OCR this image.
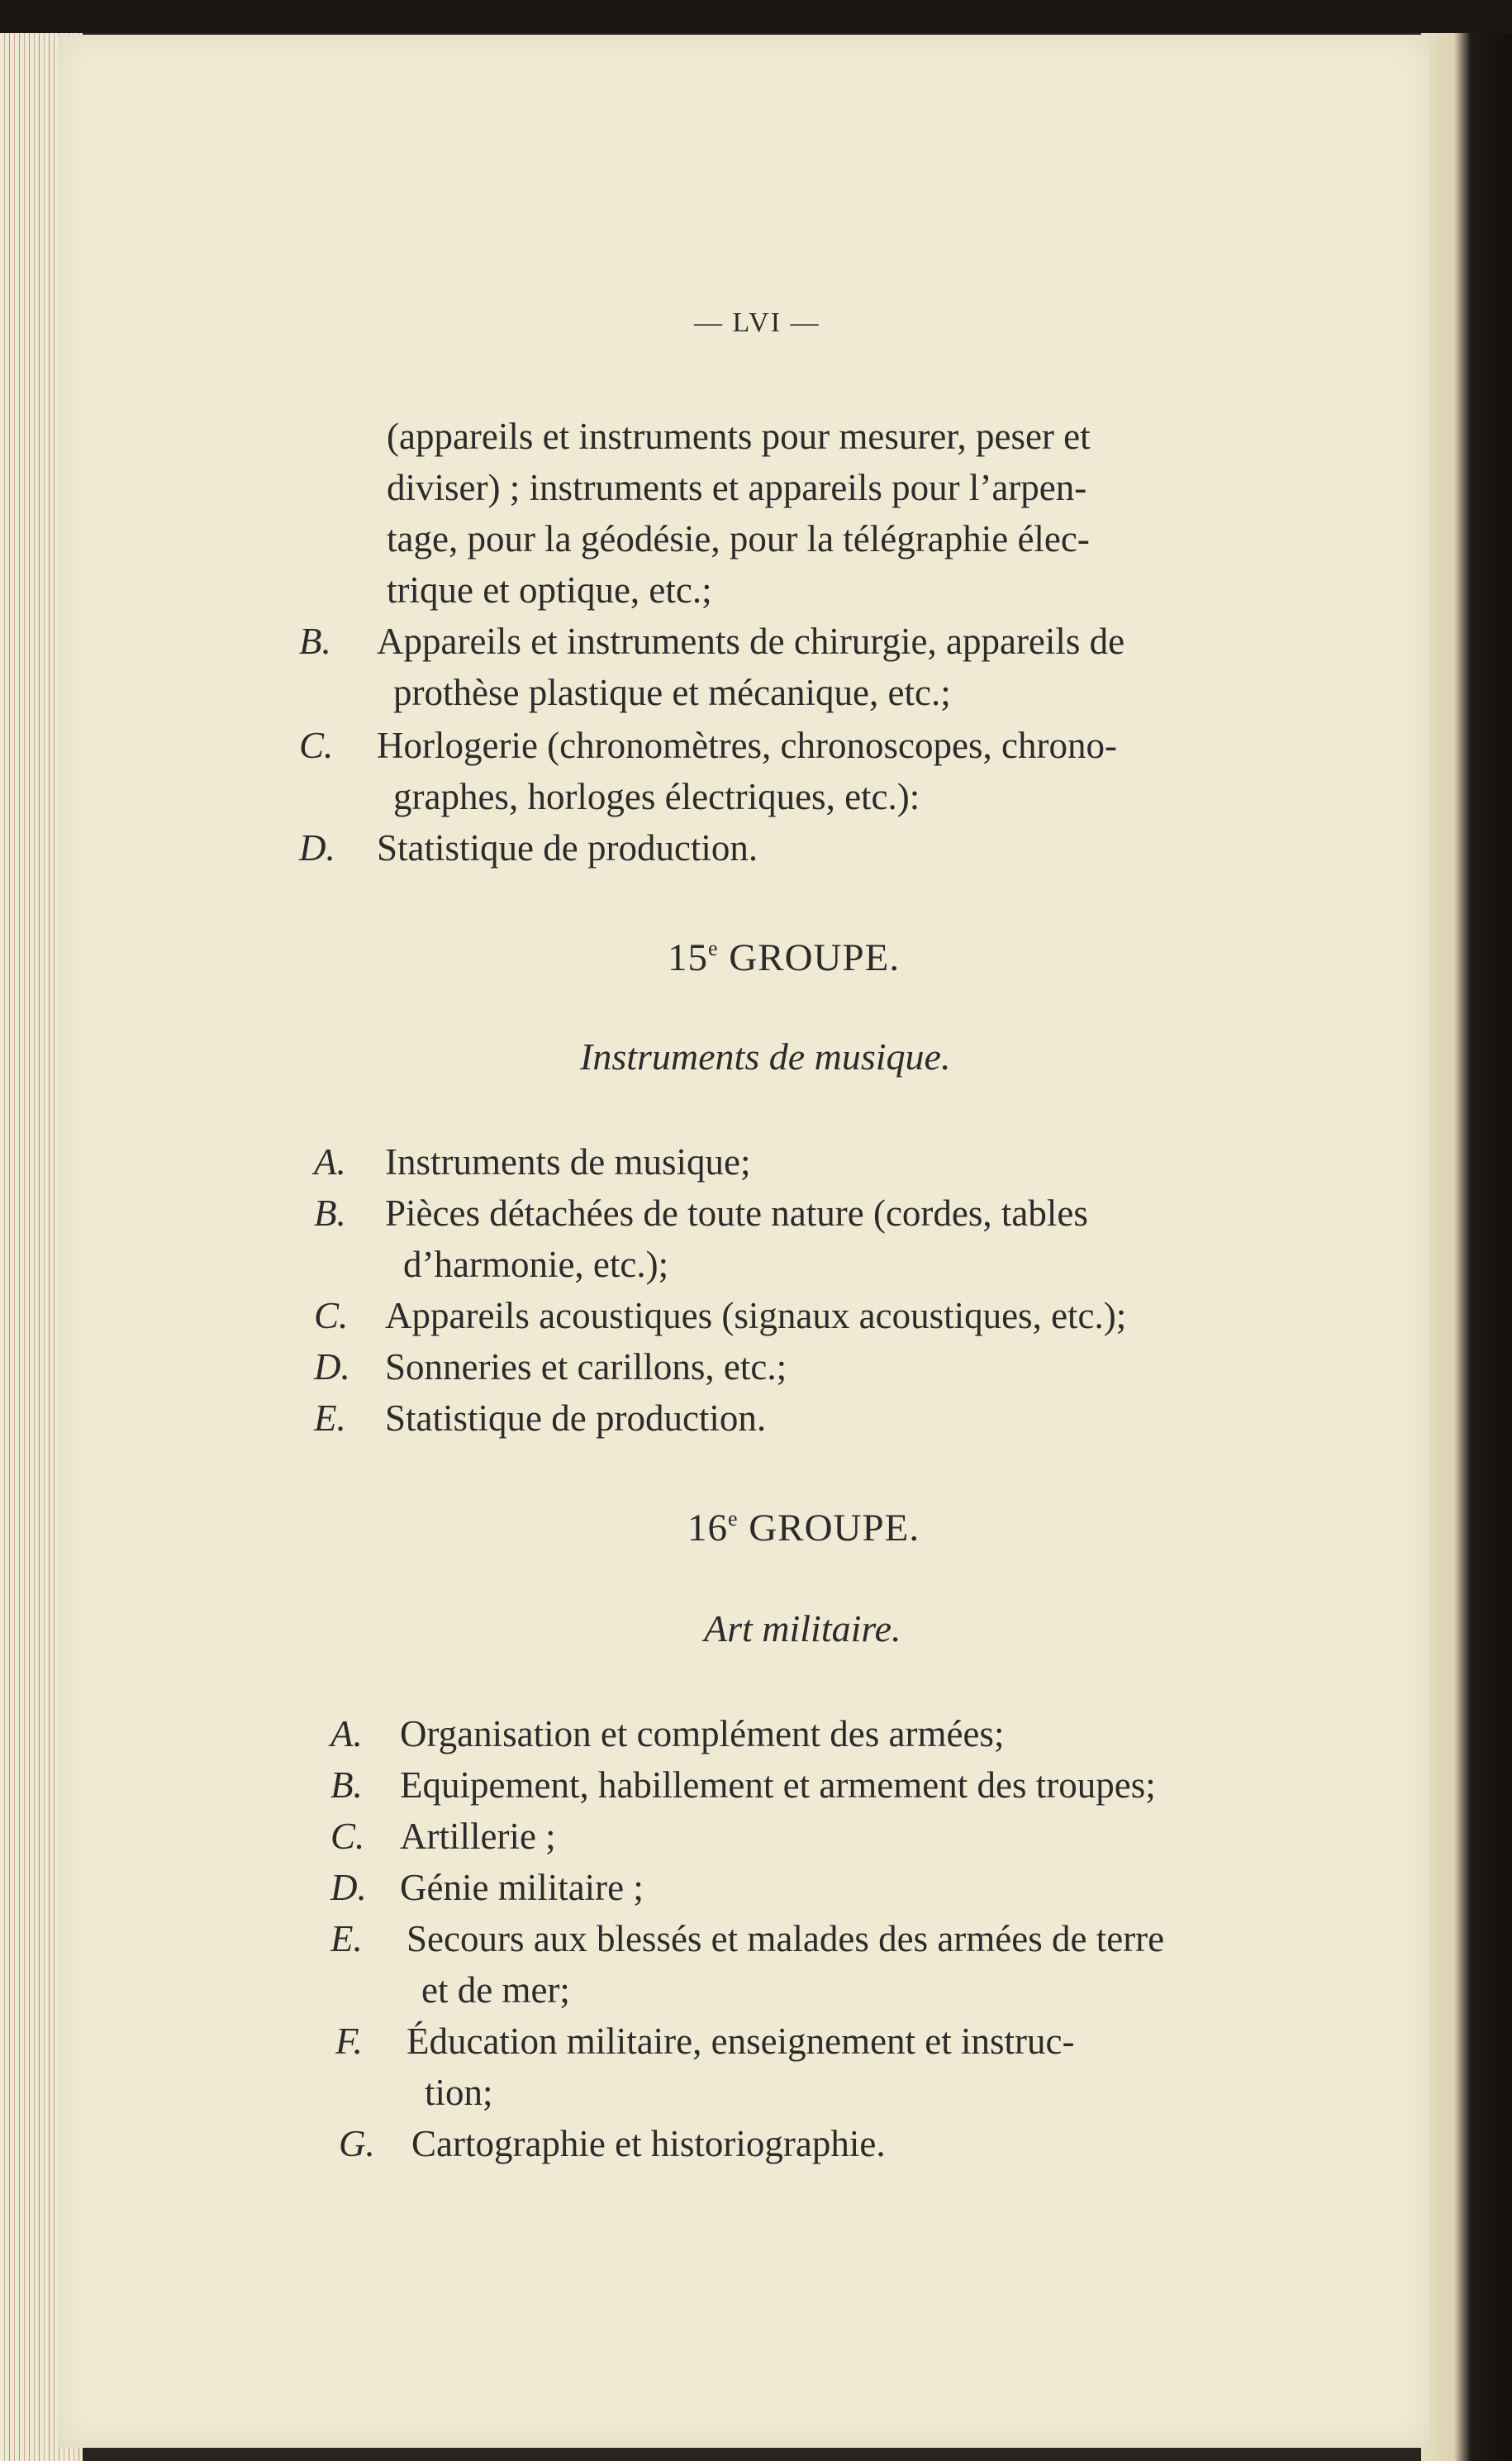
— LVI —
(appareils et instruments pour mesurer, peser et
diviser) ; instruments et appareils pour l’arpen-
tage, pour la géodésie, pour la télégraphie élec-
trique et optique, etc.;
B. Appareils et instruments de chirurgie, appareils de
prothèse plastique et mécanique, etc.;
C. Horlogerie (chronomètres, chronoscopes, chrono-
graphes, horloges électriques, etc.):
D. Statistique de production.
15e GROUPE.
Instruments de musique.
A. Instruments de musique;
B. Pièces détachées de toute nature (cordes, tables
d’harmonie, etc.);
C. Appareils acoustiques (signaux acoustiques, etc.);
D. Sonneries et carillons, etc.;
E. Statistique de production.
16e GROUPE.
Art militaire.
A. Organisation et complément des armées;
B. Equipement, habillement et armement des troupes;
C. Artillerie ;
D. Génie militaire ;
E. Secours aux blessés et malades des armées de terre
et de mer;
F. Éducation militaire, enseignement et instruc-
tion;
G. Cartographie et historiographie.
